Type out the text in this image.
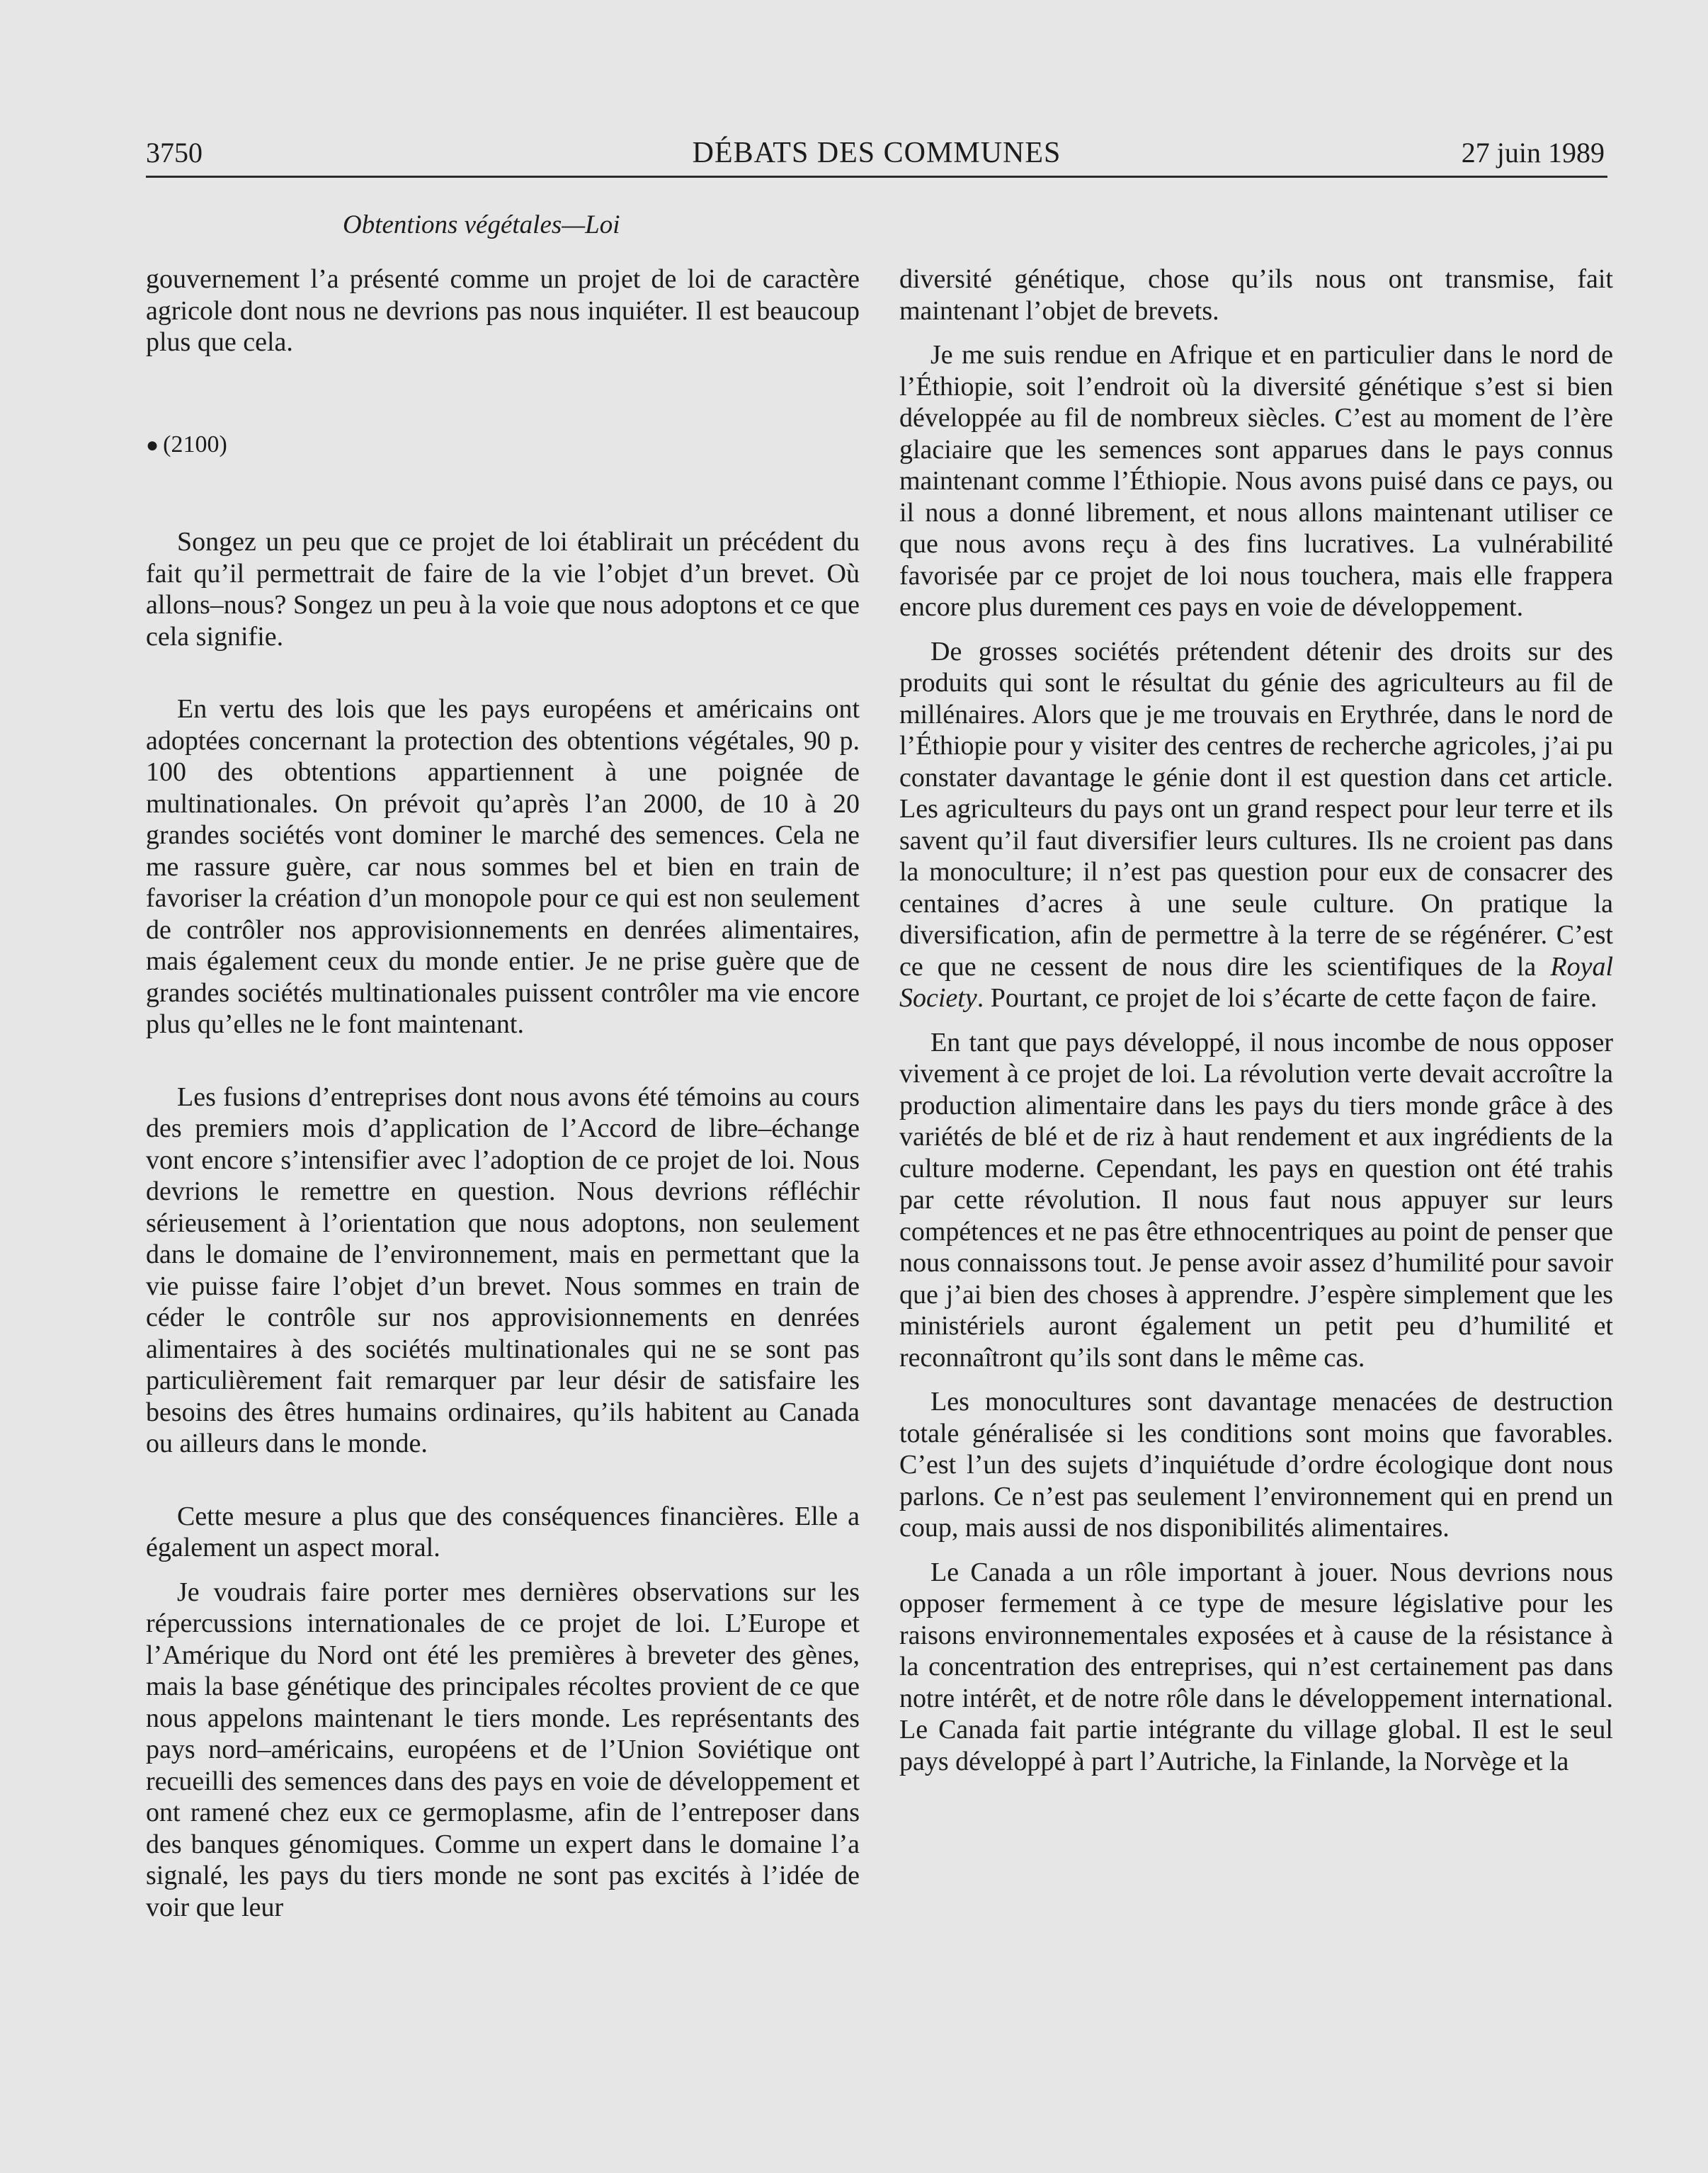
3750	DÉBATS DES COMMUNES	27 juin 1989
Obtentions végétales—Loi

gouvernement l’a présenté comme un projet de loi de caractère agricole dont nous ne devrions pas nous inquiéter. Il est beaucoup plus que cela.

● (2100)

Songez un peu que ce projet de loi établirait un précédent du fait qu’il permettrait de faire de la vie l’objet d’un brevet. Où allons–nous? Songez un peu à la voie que nous adoptons et ce que cela signifie.

En vertu des lois que les pays européens et américains ont adoptées concernant la protection des obtentions végétales, 90 p. 100 des obtentions appartiennent à une poignée de multinationales. On prévoit qu’après l’an 2000, de 10 à 20 grandes sociétés vont dominer le marché des semences. Cela ne me rassure guère, car nous sommes bel et bien en train de favoriser la création d’un monopole pour ce qui est non seulement de contrôler nos approvisionnements en denrées alimentaires, mais également ceux du monde entier. Je ne prise guère que de grandes sociétés multinationales puissent contrôler ma vie encore plus qu’elles ne le font maintenant.

Les fusions d’entreprises dont nous avons été témoins au cours des premiers mois d’application de l’Accord de libre–échange vont encore s’intensifier avec l’adoption de ce projet de loi. Nous devrions le remettre en question. Nous devrions réfléchir sérieusement à l’orientation que nous adoptons, non seulement dans le domaine de l’environnement, mais en permettant que la vie puisse faire l’objet d’un brevet. Nous sommes en train de céder le contrôle sur nos approvisionnements en denrées alimentaires à des sociétés multinationales qui ne se sont pas particulièrement fait remarquer par leur désir de satisfaire les besoins des êtres humains ordinaires, qu’ils habitent au Canada ou ailleurs dans le monde.

Cette mesure a plus que des conséquences financières. Elle a également un aspect moral.

Je voudrais faire porter mes dernières observations sur les répercussions internationales de ce projet de loi. L’Europe et l’Amérique du Nord ont été les premières à breveter des gènes, mais la base génétique des principales récoltes provient de ce que nous appelons maintenant le tiers monde. Les représentants des pays nord–américains, européens et de l’Union Soviétique ont recueilli des semences dans des pays en voie de développement et ont ramené chez eux ce germoplasme, afin de l’entreposer dans des banques génomiques. Comme un expert dans le domaine l’a signalé, les pays du tiers monde ne sont pas excités à l’idée de voir que leur

diversité génétique, chose qu’ils nous ont transmise, fait maintenant l’objet de brevets.

Je me suis rendue en Afrique et en particulier dans le nord de l’Éthiopie, soit l’endroit où la diversité génétique s’est si bien développée au fil de nombreux siècles. C’est au moment de l’ère glaciaire que les semences sont apparues dans le pays connus maintenant comme l’Éthiopie. Nous avons puisé dans ce pays, ou il nous a donné librement, et nous allons maintenant utiliser ce que nous avons reçu à des fins lucratives. La vulnérabilité favorisée par ce projet de loi nous touchera, mais elle frappera encore plus durement ces pays en voie de développement.

De grosses sociétés prétendent détenir des droits sur des produits qui sont le résultat du génie des agriculteurs au fil de millénaires. Alors que je me trouvais en Erythrée, dans le nord de l’Éthiopie pour y visiter des centres de recherche agricoles, j’ai pu constater davantage le génie dont il est question dans cet article. Les agriculteurs du pays ont un grand respect pour leur terre et ils savent qu’il faut diversifier leurs cultures. Ils ne croient pas dans la monoculture; il n’est pas question pour eux de consacrer des centaines d’acres à une seule culture. On pratique la diversification, afin de permettre à la terre de se régénérer. C’est ce que ne cessent de nous dire les scientifiques de la Royal Society. Pourtant, ce projet de loi s’écarte de cette façon de faire.

En tant que pays développé, il nous incombe de nous opposer vivement à ce projet de loi. La révolution verte devait accroître la production alimentaire dans les pays du tiers monde grâce à des variétés de blé et de riz à haut rendement et aux ingrédients de la culture moderne. Cependant, les pays en question ont été trahis par cette révolution. Il nous faut nous appuyer sur leurs compétences et ne pas être ethnocentriques au point de penser que nous connaissons tout. Je pense avoir assez d’humilité pour savoir que j’ai bien des choses à apprendre. J’espère simplement que les ministériels auront également un petit peu d’humilité et reconnaîtront qu’ils sont dans le même cas.

Les monocultures sont davantage menacées de destruction totale généralisée si les conditions sont moins que favorables. C’est l’un des sujets d’inquiétude d’ordre écologique dont nous parlons. Ce n’est pas seulement l’environnement qui en prend un coup, mais aussi de nos disponibilités alimentaires.

Le Canada a un rôle important à jouer. Nous devrions nous opposer fermement à ce type de mesure législative pour les raisons environnementales exposées et à cause de la résistance à la concentration des entreprises, qui n’est certainement pas dans notre intérêt, et de notre rôle dans le développement international. Le Canada fait partie intégrante du village global. Il est le seul pays développé à part l’Autriche, la Finlande, la Norvège et la
